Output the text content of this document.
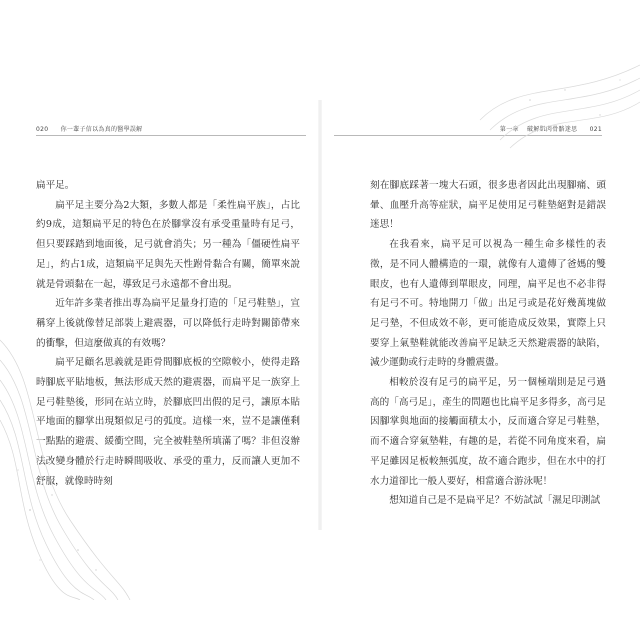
020 你一輩子信以為真的醫學誤解

扁平足。

扁平足主要分為2大類，多數人都是「柔性扁平族」，占比約9成，這類扁平足的特色在於腳掌沒有承受重量時有足弓，但只要踩踏到地面後，足弓就會消失；另一種為「僵硬性扁平足」，約占1成，這類扁平足與先天性跗骨黏合有關，簡單來說就是骨頭黏在一起，導致足弓永遠都不會出現。

近年許多業者推出專為扁平足量身打造的「足弓鞋墊」，宣稱穿上後就像替足部裝上避震器，可以降低行走時對關節帶來的衝擊，但這麼做真的有效嗎？

扁平足顧名思義就是距骨間腳底板的空隙較小，使得走路時腳底平貼地板，無法形成天然的避震器，而扁平足一族穿上足弓鞋墊後，形同在站立時，於腳底凹出假的足弓，讓原本貼平地面的腳掌出現類似足弓的弧度。這樣一來，豈不是讓僅剩一點點的避震、緩衝空間，完全被鞋墊所填滿了嗎？非但沒辦法改變身體於行走時瞬間吸收、承受的重力，反而讓人更加不舒服，就像時時刻

第一章 破解肌肉骨骼迷思 021

刻在腳底踩著一塊大石頭，很多患者因此出現腳痛、頭暈、血壓升高等症狀，扁平足使用足弓鞋墊絕對是錯誤迷思！

在我看來，扁平足可以視為一種生命多樣性的表徵，是不同人體構造的一環，就像有人遺傳了爸媽的雙眼皮，也有人遺傳到單眼皮，同理，扁平足也不必非得有足弓不可。特地開刀「做」出足弓或是花好幾萬塊做足弓墊，不但成效不彰，更可能造成反效果，實際上只要穿上氣墊鞋就能改善扁平足缺乏天然避震器的缺陷，減少運動或行走時的身體震盪。

相較於沒有足弓的扁平足，另一個極端則是足弓過高的「高弓足」，產生的問題也比扁平足多得多，高弓足因腳掌與地面的接觸面積太小，反而適合穿足弓鞋墊，而不適合穿氣墊鞋，有趣的是，若從不同角度來看，扁平足雖因足板較無弧度，故不適合跑步，但在水中的打水力道卻比一般人要好，相當適合游泳呢！

想知道自己是不是扁平足？不妨試試「濕足印測試
